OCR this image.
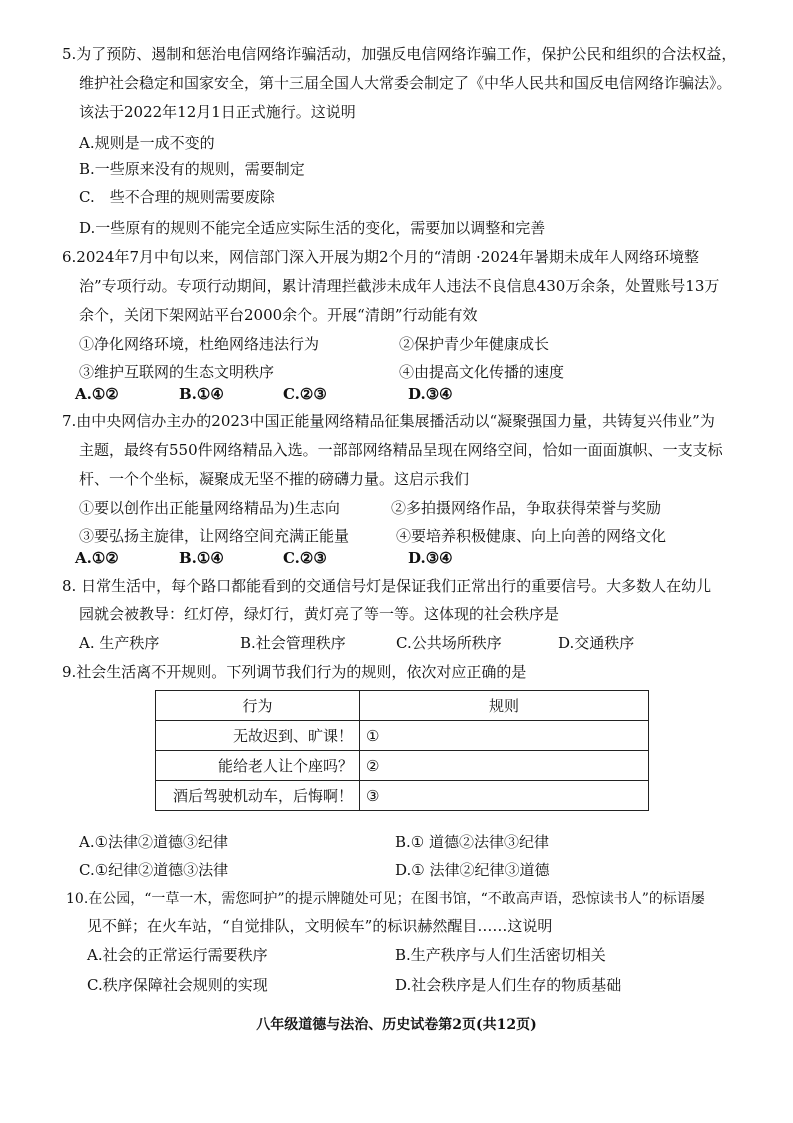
5.为了预防、遏制和惩治电信网络诈骗活动，加强反电信网络诈骗工作，保护公民和组织的合法权益，
维护社会稳定和国家安全，第十三届全国人大常委会制定了《中华人民共和国反电信网络诈骗法》。
该法于2022年12月1日正式施行。这说明
A.规则是一成不变的
B.一些原来没有的规则，需要制定
C.　些不合理的规则需要废除
D.一些原有的规则不能完全适应实际生活的变化，需要加以调整和完善
6.2024年7月中旬以来，网信部门深入开展为期2个月的“清朗 ·2024年暑期未成年人网络环境整
治”专项行动。专项行动期间，累计清理拦截涉未成年人违法不良信息430万余条，处置账号13万
余个，关闭下架网站平台2000余个。开展“清朗”行动能有效
①净化网络环境，杜绝网络违法行为	②保护青少年健康成长
③维护互联网的生态文明秩序	④由提高文化传播的速度
A.①②	B.①④	C.②③	D.③④
7.由中央网信办主办的2023中国正能量网络精品征集展播活动以“凝聚强国力量，共铸复兴伟业”为
主题，最终有550件网络精品入选。一部部网络精品呈现在网络空间，恰如一面面旗帜、一支支标
杆、一个个坐标，凝聚成无坚不摧的磅礴力量。这启示我们
①要以创作出正能量网络精品为)生志向	②多拍摄网络作品，争取获得荣誉与奖励
③要弘扬主旋律，让网络空间充满正能量	④要培养积极健康、向上向善的网络文化
A.①②	B.①④	C.②③	D.③④
8. 日常生活中，每个路口都能看到的交通信号灯是保证我们正常出行的重要信号。大多数人在幼儿
园就会被教导：红灯停，绿灯行，黄灯亮了等一等。这体现的社会秩序是
A. 生产秩序	B.社会管理秩序	C.公共场所秩序	D.交通秩序
9.社会生活离不开规则。下列调节我们行为的规则，依次对应正确的是
行为	规则
无故迟到、旷课！	①
能给老人让个座吗？	②
酒后驾驶机动车，后悔啊！	③
A.①法律②道德③纪律	B.① 道德②法律③纪律
C.①纪律②道德③法律	D.① 法律②纪律③道德
10.在公园，“一草一木，需您呵护”的提示牌随处可见；在图书馆，“不敢高声语，恐惊读书人”的标语屡
见不鲜；在火车站，“自觉排队，文明候车”的标识赫然醒目……这说明
A.社会的正常运行需要秩序	B.生产秩序与人们生活密切相关
C.秩序保障社会规则的实现	D.社会秩序是人们生存的物质基础
八年级道德与法治、历史试卷第2页(共12页)
